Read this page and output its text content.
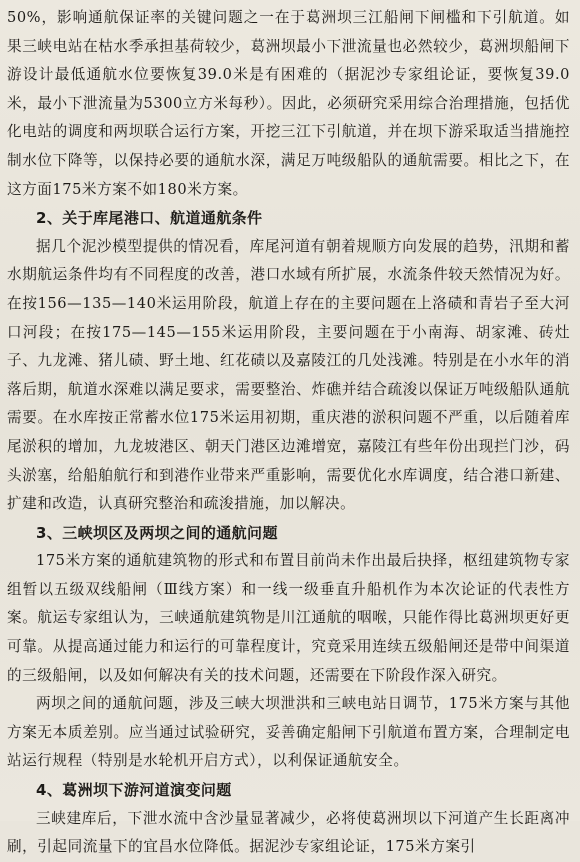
50%，影响通航保证率的关键问题之一在于葛洲坝三江船闸下闸槛和下引航道。如果三峡电站在枯水季承担基荷较少，葛洲坝最小下泄流量也必然较少，葛洲坝船闸下游设计最低通航水位要恢复39.0米是有困难的（据泥沙专家组论证，要恢复39.0米，最小下泄流量为5300立方米每秒）。因此，必须研究采用综合治理措施，包括优化电站的调度和两坝联合运行方案，开挖三江下引航道，并在坝下游采取适当措施控制水位下降等，以保持必要的通航水深，满足万吨级船队的通航需要。相比之下，在这方面175米方案不如180米方案。

2、关于库尾港口、航道通航条件

据几个泥沙模型提供的情况看，库尾河道有朝着规顺方向发展的趋势，汛期和蓄水期航运条件均有不同程度的改善，港口水域有所扩展，水流条件较天然情况为好。在按156—135—140米运用阶段，航道上存在的主要问题在上洛碛和青岩子至大河口河段；在按175—145—155米运用阶段，主要问题在于小南海、胡家滩、砖灶子、九龙滩、猪儿碛、野土地、红花碛以及嘉陵江的几处浅滩。特别是在小水年的消落后期，航道水深难以满足要求，需要整治、炸礁并结合疏浚以保证万吨级船队通航需要。在水库按正常蓄水位175米运用初期，重庆港的淤积问题不严重，以后随着库尾淤积的增加，九龙坡港区、朝天门港区边滩增宽，嘉陵江有些年份出现拦门沙，码头淤塞，给船舶航行和到港作业带来严重影响，需要优化水库调度，结合港口新建、扩建和改造，认真研究整治和疏浚措施，加以解决。

3、三峡坝区及两坝之间的通航问题

175米方案的通航建筑物的形式和布置目前尚未作出最后抉择，枢纽建筑物专家组暂以五级双线船闸（Ⅲ线方案）和一线一级垂直升船机作为本次论证的代表性方案。航运专家组认为，三峡通航建筑物是川江通航的咽喉，只能作得比葛洲坝更好更可靠。从提高通过能力和运行的可靠程度计，究竟采用连续五级船闸还是带中间渠道的三级船闸，以及如何解决有关的技术问题，还需要在下阶段作深入研究。

两坝之间的通航问题，涉及三峡大坝泄洪和三峡电站日调节，175米方案与其他方案无本质差别。应当通过试验研究，妥善确定船闸下引航道布置方案，合理制定电站运行规程（特别是水轮机开启方式），以利保证通航安全。

4、葛洲坝下游河道演变问题

三峡建库后，下泄水流中含沙量显著减少，必将使葛洲坝以下河道产生长距离冲刷，引起同流量下的宜昌水位降低。据泥沙专家组论证，175米方案引
